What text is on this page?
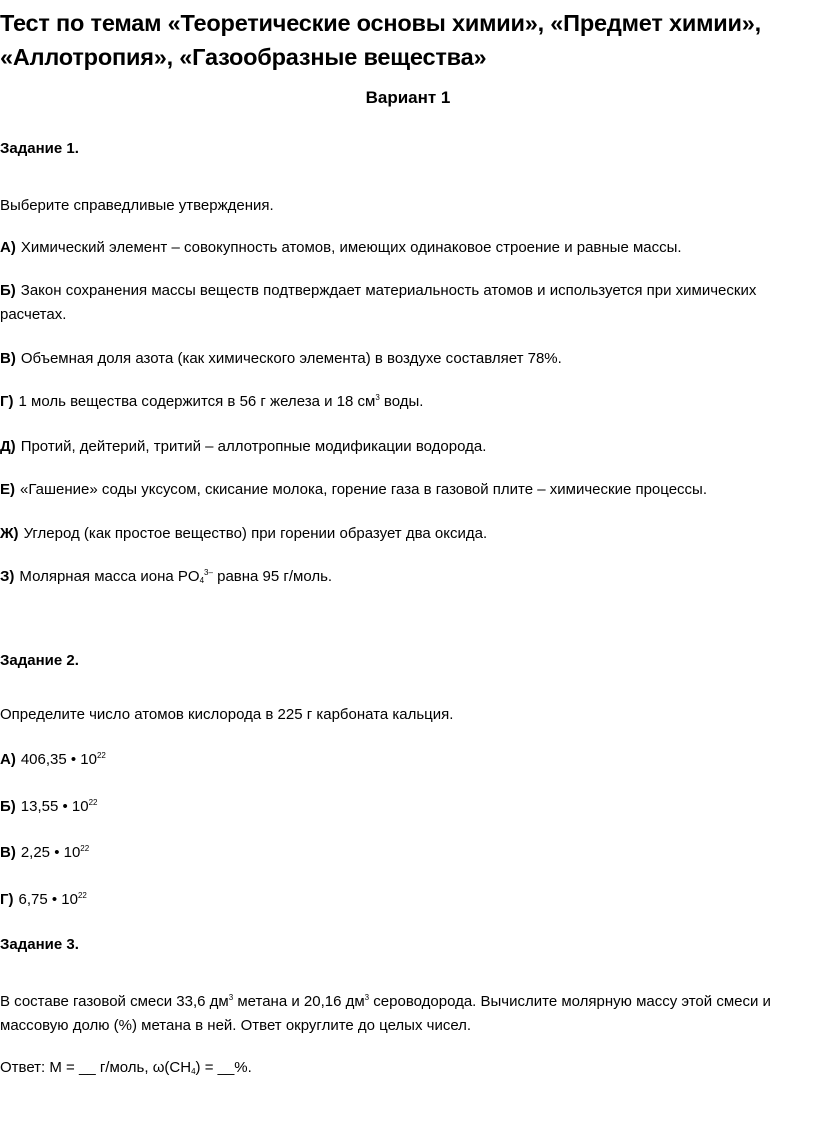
Тест по темам «Теоретические основы химии», «Предмет химии»,
«Аллотропия», «Газообразные вещества»
Вариант 1
Задание 1.
Выберите справедливые утверждения.
А) Химический элемент – совокупность атомов, имеющих одинаковое строение и равные массы.
Б) Закон сохранения массы веществ подтверждает материальность атомов и используется при химических расчетах.
В) Объемная доля азота (как химического элемента) в воздухе составляет 78%.
Г) 1 моль вещества содержится в 56 г железа и 18 $см^3$ воды.
Д) Протий, дейтерий, тритий – аллотропные модификации водорода.
Е) «Гашение» соды уксусом, скисание молока, горение газа в газовой плите – химические процессы.
Ж) Углерод (как простое вещество) при горении образует два оксида.
З) Молярная масса иона $PO_4^{3-}$ равна 95 г/моль.
Задание 2.
Определите число атомов кислорода в 225 г карбоната кальция.
А) 406,35 • $10^{22}$
Б) 13,55 • $10^{22}$
В) 2,25 • $10^{22}$
Г) 6,75 • $10^{22}$
Задание 3.
В составе газовой смеси 33,6 $дм^3$ метана и 20,16 $дм^3$ сероводорода. Вычислите молярную массу этой смеси и массовую долю (%) метана в ней. Ответ округлите до целых чисел.
Ответ: M = __ г/моль, $\omega(CH_4)$ = __%.
